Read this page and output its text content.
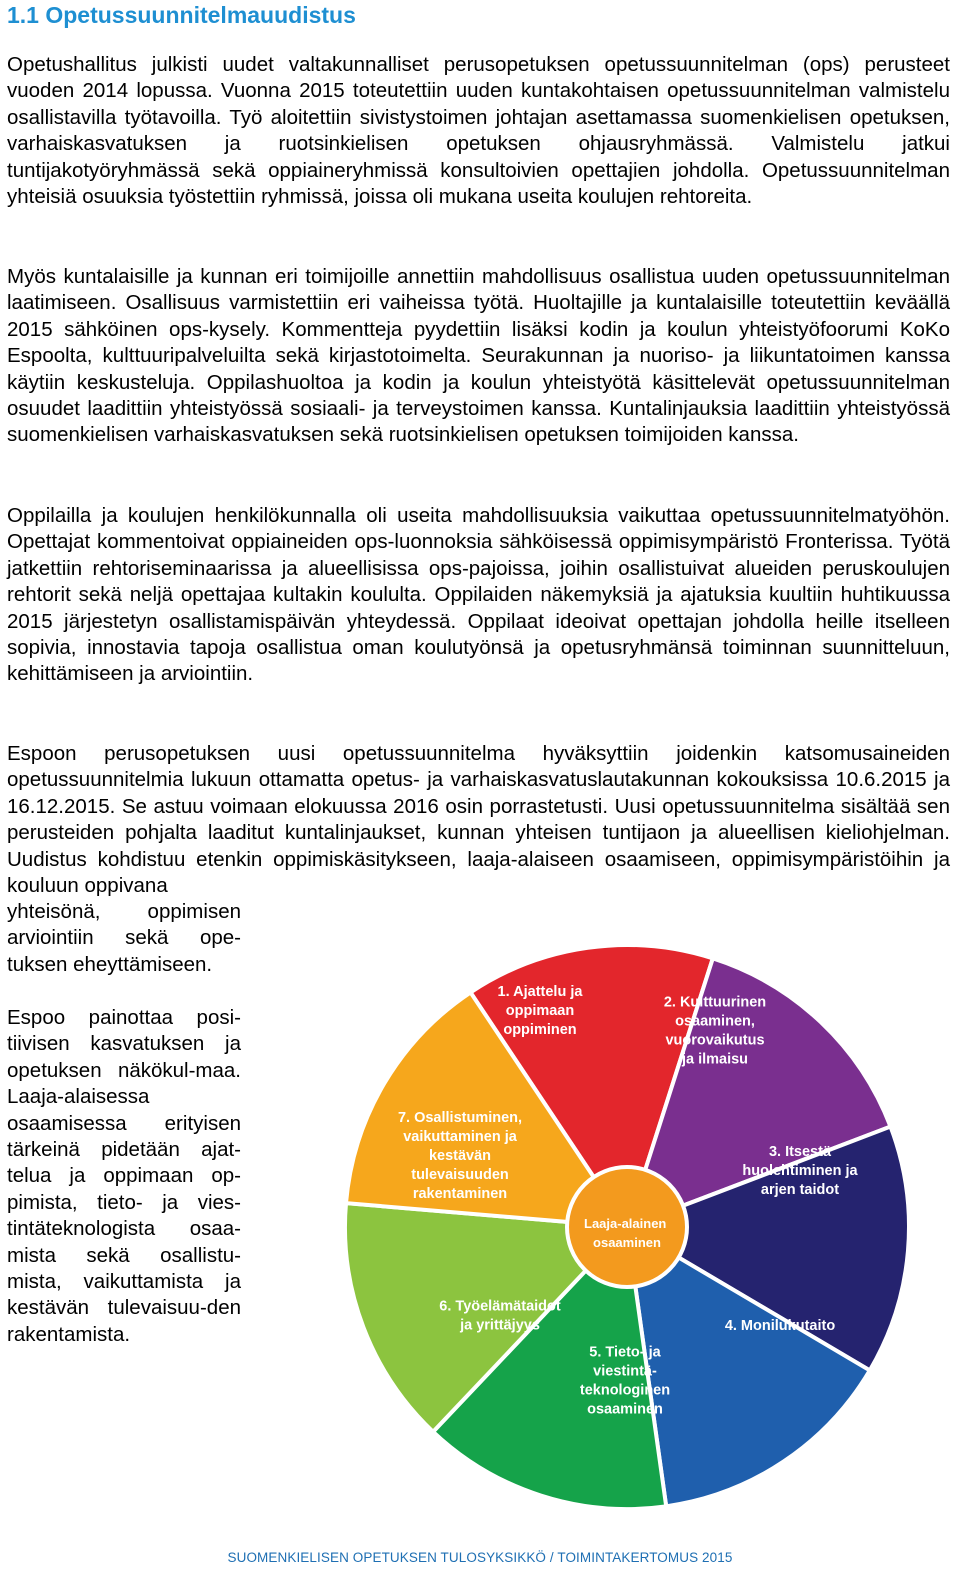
1.1 Opetussuunnitelmauudistus

Opetushallitus julkisti uudet valtakunnalliset perusopetuksen opetussuunnitelman (ops) perusteet vuoden 2014 lopussa. Vuonna 2015 toteutettiin uuden kuntakohtaisen opetussuunnitelman valmistelu osallistavilla työtavoilla. Työ aloitettiin sivistystoimen johtajan asettamassa suomenkielisen opetuksen, varhaiskasvatuksen ja ruotsinkielisen opetuksen ohjausryhmässä. Valmistelu jatkui tuntijakotyöryhmässä sekä oppiaineryhmissä konsultoivien opettajien johdolla. Opetussuunnitelman yhteisiä osuuksia työstettiin ryhmissä, joissa oli mukana useita koulujen rehtoreita.

Myös kuntalaisille ja kunnan eri toimijoille annettiin mahdollisuus osallistua uuden opetussuunnitelman laatimiseen. Osallisuus varmistettiin eri vaiheissa työtä. Huoltajille ja kuntalaisille toteutettiin keväällä 2015 sähköinen ops-kysely. Kommentteja pyydettiin lisäksi kodin ja koulun yhteistyöfoorumi KoKo Espoolta, kulttuuripalveluilta sekä kirjastotoimelta. Seurakunnan ja nuoriso- ja liikuntatoimen kanssa käytiin keskusteluja. Oppilashuoltoa ja kodin ja koulun yhteistyötä käsittelevät opetussuunnitelman osuudet laadittiin yhteistyössä sosiaali- ja terveystoimen kanssa. Kuntalinjauksia laadittiin yhteistyössä suomenkielisen varhaiskasvatuksen sekä ruotsinkielisen opetuksen toimijoiden kanssa.

Oppilailla ja koulujen henkilökunnalla oli useita mahdollisuuksia vaikuttaa opetussuunnitelmatyöhön. Opettajat kommentoivat oppiaineiden ops-luonnoksia sähköisessä oppimisympäristö Fronterissa. Työtä jatkettiin rehtoriseminaarissa ja alueellisissa ops-pajoissa, joihin osallistuivat alueiden peruskoulujen rehtorit sekä neljä opettajaa kultakin koululta. Oppilaiden näkemyksiä ja ajatuksia kuultiin huhtikuussa 2015 järjestetyn osallistamispäivän yhteydessä. Oppilaat ideoivat opettajan johdolla heille itselleen sopivia, innostavia tapoja osallistua oman koulutyönsä ja opetusryhmänsä toiminnan suunnitteluun, kehittämiseen ja arviointiin.

Espoon perusopetuksen uusi opetussuunnitelma hyväksyttiin joidenkin katsomusaineiden opetussuunnitelmia lukuun ottamatta opetus- ja varhaiskasvatuslautakunnan kokouksissa 10.6.2015 ja 16.12.2015. Se astuu voimaan elokuussa 2016 osin porrastetusti. Uusi opetussuunnitelma sisältää sen perusteiden pohjalta laaditut kuntalinjaukset, kunnan yhteisen tuntijaon ja alueellisen kieliohjelman. Uudistus kohdistuu etenkin oppimiskäsitykseen, laaja-alaiseen osaamiseen, oppimisympäristöihin ja kouluun oppivana

yhteisönä, oppimisen arviointiin sekä ope-tuksen eheyttämiseen.

Espoo painottaa posi-tiivisen kasvatuksen ja opetuksen näkökul-maa. Laaja-alaisessa osaamisessa erityisen tärkeinä pidetään ajat-telua ja oppimaan op-pimista, tieto- ja vies-tintäteknologista osaa-mista sekä osallistu-mista, vaikuttamista ja kestävän tulevaisuu-den rakentamista.

1. Ajattelu ja oppimaan oppiminen
2. Kulttuurinen osaaminen, vuorovaikutus ja ilmaisu
3. Itsestä huolehtiminen ja arjen taidot
4. Monilukutaito
5. Tieto- ja viestintä-teknologinen osaaminen
6. Työelämätaidot ja yrittäjyys
7. Osallistuminen, vaikuttaminen ja kestävän tulevaisuuden rakentaminen
Laaja-alainen osaaminen

SUOMENKIELISEN OPETUKSEN TULOSYKSIKKÖ / TOIMINTAKERTOMUS 2015
